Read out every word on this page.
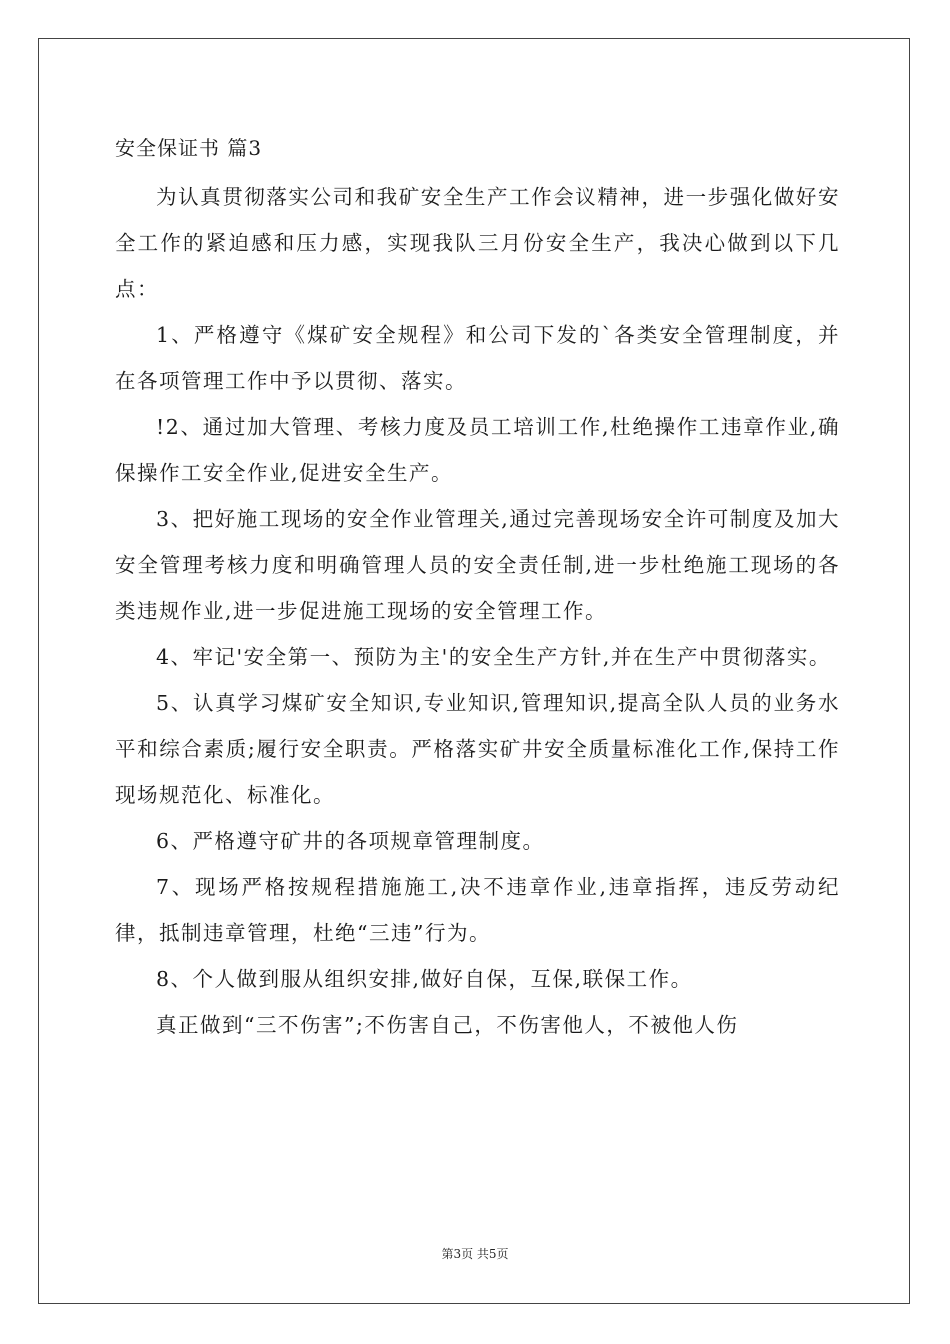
安全保证书 篇3

为认真贯彻落实公司和我矿安全生产工作会议精神，进一步强化做好安全工作的紧迫感和压力感，实现我队三月份安全生产，我决心做到以下几点：

1、严格遵守《煤矿安全规程》和公司下发的`各类安全管理制度，并在各项管理工作中予以贯彻、落实。

!2、通过加大管理、考核力度及员工培训工作,杜绝操作工违章作业,确保操作工安全作业,促进安全生产。

3、把好施工现场的安全作业管理关,通过完善现场安全许可制度及加大安全管理考核力度和明确管理人员的安全责任制,进一步杜绝施工现场的各类违规作业,进一步促进施工现场的安全管理工作。

4、牢记'安全第一、预防为主'的安全生产方针,并在生产中贯彻落实。

5、认真学习煤矿安全知识,专业知识,管理知识,提高全队人员的业务水平和综合素质;履行安全职责。严格落实矿井安全质量标准化工作,保持工作现场规范化、标准化。

6、严格遵守矿井的各项规章管理制度。

7、现场严格按规程措施施工,决不违章作业,违章指挥，违反劳动纪律，抵制违章管理，杜绝“三违”行为。

8、个人做到服从组织安排,做好自保，互保,联保工作。

真正做到“三不伤害”;不伤害自己，不伤害他人，不被他人伤

第3页 共5页
